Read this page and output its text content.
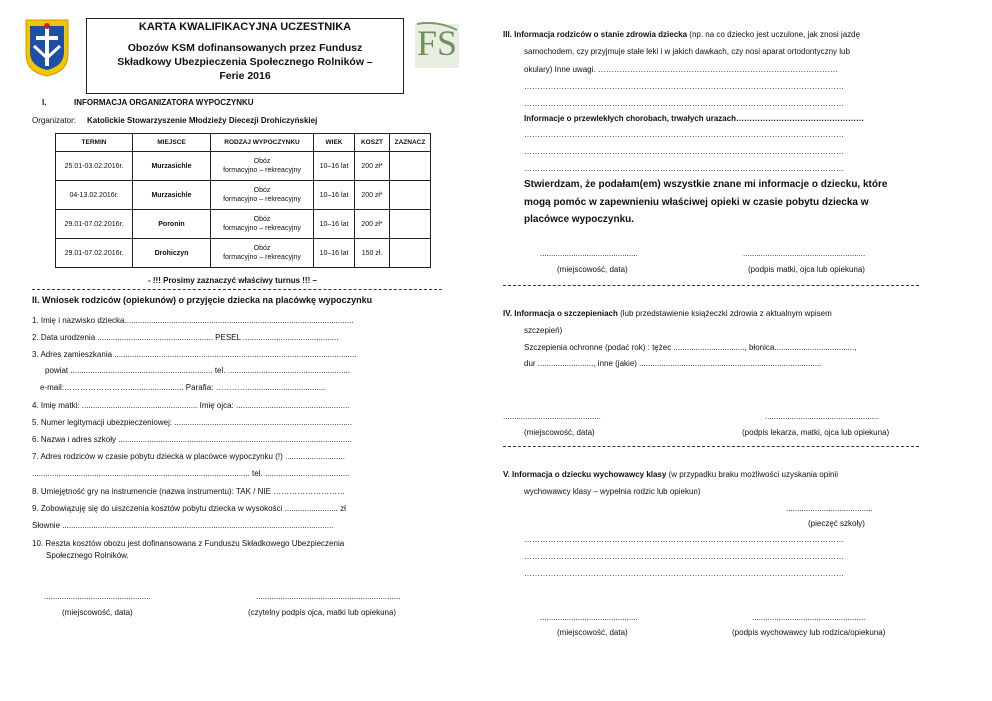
KARTA KWALIFIKACYJNA UCZESTNIKA
Obozów KSM dofinansowanych przez Fundusz
Składkowy Ubezpieczenia Społecznego Rolników –
Ferie 2016
FS
I.	INFORMACJA ORGANIZATORA WYPOCZYNKU
Organizator: Katolickie Stowarzyszenie Młodzieży Diecezji Drohiczyńskiej
TERMIN	MIEJSCE	RODZAJ WYPOCZYNKU	WIEK	KOSZT	ZAZNACZ
25.01-03.02.2016r.	Murzasichle	Obóz
formacyjno – rekreacyjny	10–16 lat	200 zł*	
04-13.02.2016r.	Murzasichle	Obóz
formacyjno – rekreacyjny	10–16 lat	200 zł*	
29.01-07.02.2016r.	Poronin	Obóz
formacyjno – rekreacyjny	10–16 lat	200 zł*	
29.01-07.02.2016r.	Drohiczyn	Obóz
formacyjno – rekreacyjny	10–16 lat	150 zł.	
- !!! Prosimy zaznaczyć właściwy turnus !!! –
II. Wniosek rodziców (opiekunów) o przyjęcie dziecka na placówkę wypoczynku
1. Imię i nazwisko dziecka.......................................................................................................
2. Data urodzenia .................................................... PESEL ...........................................
3. Adres zamieszkania .............................................................................................................
powiat ................................................................ tel. .......................................................
e-mail:……………………......................... Parafia: …………...................................
4. Imię matki: .................................................... Imię ojca: ...................................................
5. Numer legitymacji ubezpieczeniowej: ................................................................................
6. Nazwa i adres szkoły .........................................................................................................
7. Adres rodziców w czasie pobytu dziecka w placówce wypoczynku (!) ...........................
.................................................................................................. tel. ......................................
8. Umiejętność gry na instrumencie (nazwa instrumentu): TAK / NIE ………………………
9. Zobowiązuję się do uiszczenia kosztów pobytu dziecka w wysokości ........................ zł
Słownie ..........................................................................................................................
10. Reszta kosztów obozu jest dofinansowana z Funduszu Składkowego Ubezpieczenia
Społecznego Rolników.
................................................	.................................................................
(miejscowość, data)	(czytelny podpis ojca, matki lub opiekuna)
III. Informacja rodziców o stanie zdrowia dziecka (np. na co dziecko jest uczulone, jak znosi jazdę
samochodem, czy przyjmuje stałe leki i w jakich dawkach, czy nosi aparat ortodontyczny lub
okulary) Inne uwagi. ………………………………………………………………………………
…………………………………………………………………………………………………………
…………………………………………………………………………………………………………
Informacje o przewlekłych chorobach, trwałych urazach…………………………………………
…………………………………………………………………………………………………………
…………………………………………………………………………………………………………
…………………………………………………………………………………………………………
Stwierdzam, że podałam(em) wszystkie znane mi informacje o dziecku, które
mogą pomóc w zapewnieniu właściwej opieki w czasie pobytu dziecka w
placówce wypoczynku.
............................................	.......................................................
(miejscowość, data)	(podpis matki, ojca lub opiekuna)
IV. Informacja o szczepieniach (lub przedstawienie książeczki zdrowia z aktualnym wpisem
szczepień)
Szczepienia ochronne (podać rok) : tężec ................................, błonica....................................,
dur ........................., inne (jakie) ..................................................................................
............................................	...................................................
(miejscowość, data)	(podpis lekarza, matki, ojca lub opiekuna)
V. Informacja o dziecku wychowawcy klasy (w przypadku braku możliwości uzyskania opinii
wychowawcy klasy – wypełnia rodzic lub opiekun)
.......................................
(pieczęć szkoły)
…………………………………………………………………………………………………………
…………………………………………………………………………………………………………
…………………………………………………………………………………………………………
............................................	...................................................
(miejscowość, data)	(podpis wychowawcy lub rodzica/opiekuna)
